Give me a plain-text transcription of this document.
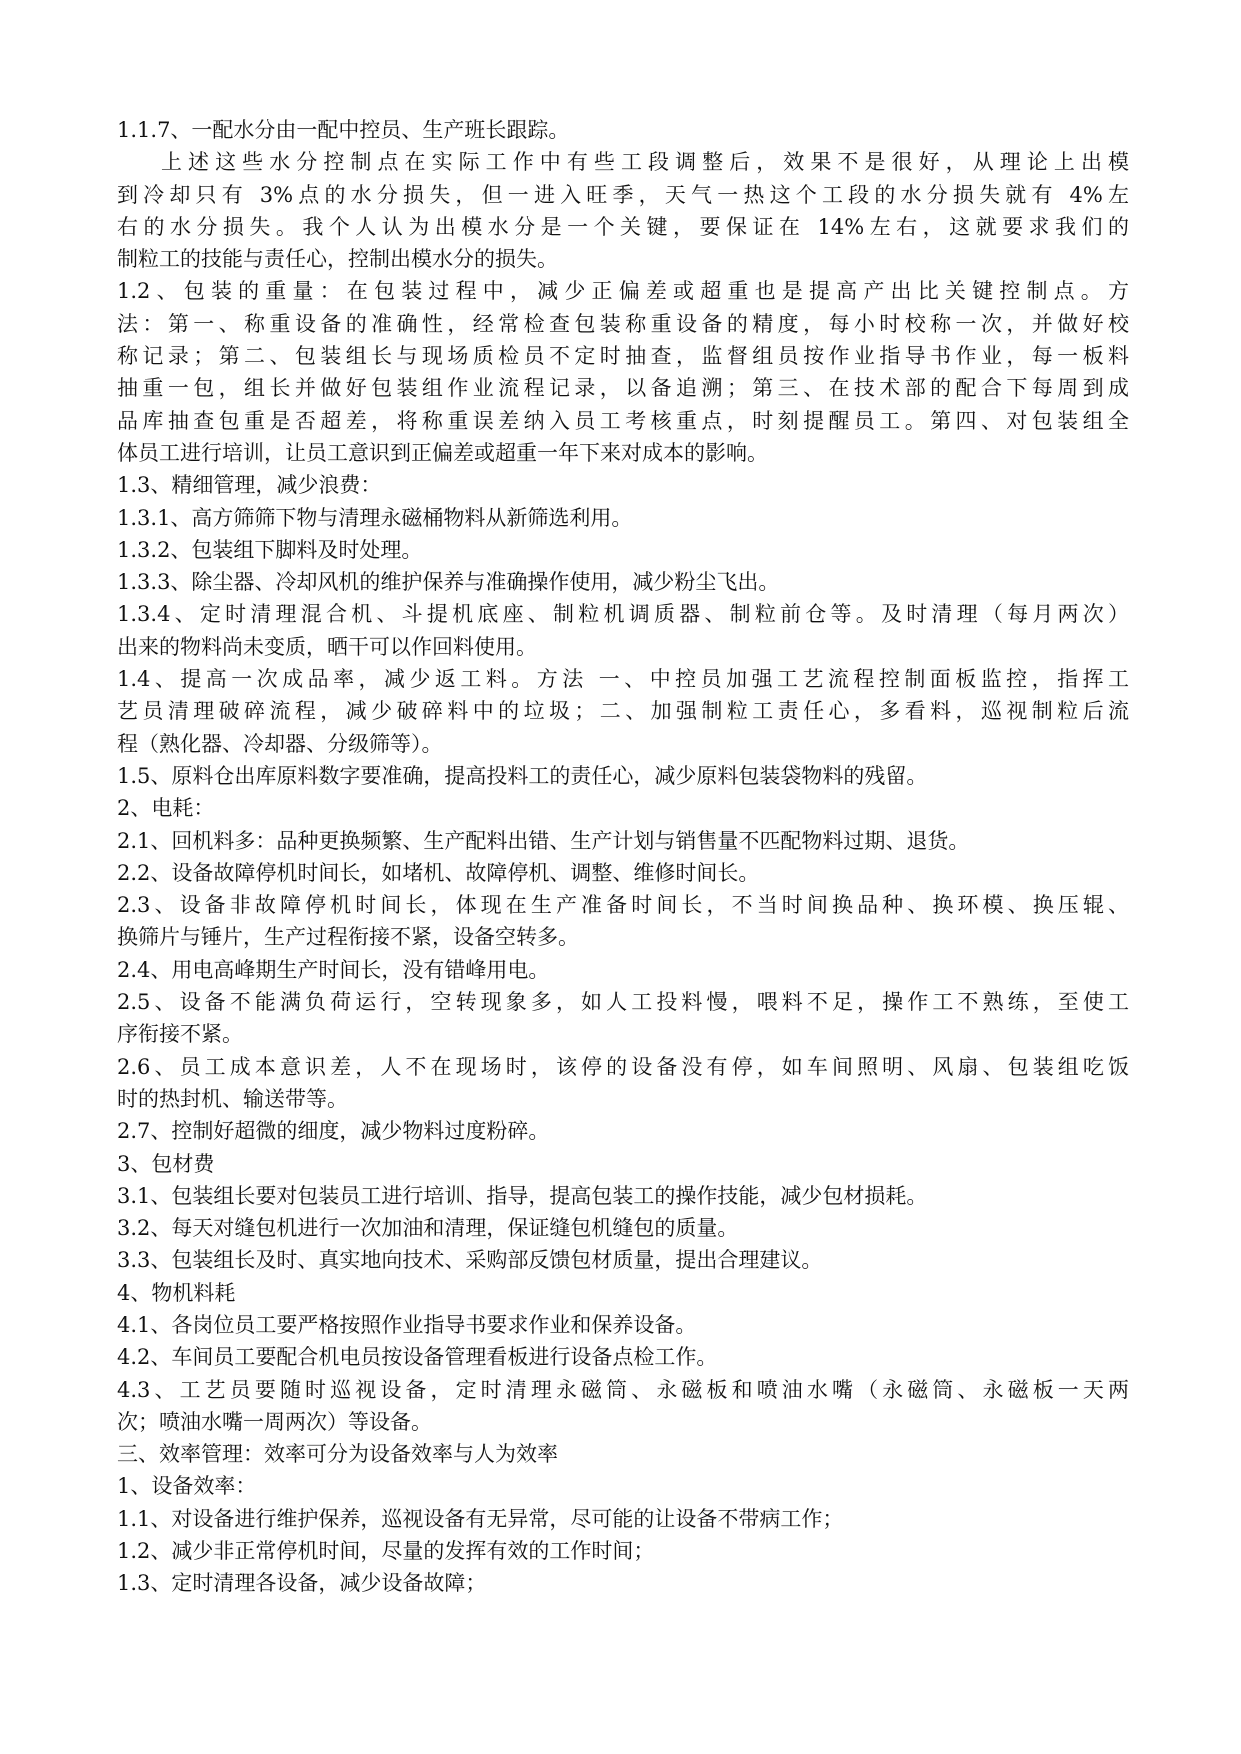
1.1.7、一配水分由一配中控员、生产班长跟踪。
上述这些水分控制点在实际工作中有些工段调整后，效果不是很好，从理论上出模
到冷却只有 3%点的水分损失，但一进入旺季，天气一热这个工段的水分损失就有 4%左
右的水分损失。我个人认为出模水分是一个关键，要保证在 14%左右，这就要求我们的
制粒工的技能与责任心，控制出模水分的损失。
1.2、包装的重量：在包装过程中，减少正偏差或超重也是提高产出比关键控制点。方
法：第一、称重设备的准确性，经常检查包装称重设备的精度，每小时校称一次，并做好校
称记录；第二、包装组长与现场质检员不定时抽查，监督组员按作业指导书作业，每一板料
抽重一包，组长并做好包装组作业流程记录，以备追溯；第三、在技术部的配合下每周到成
品库抽查包重是否超差，将称重误差纳入员工考核重点，时刻提醒员工。第四、对包装组全
体员工进行培训，让员工意识到正偏差或超重一年下来对成本的影响。
1.3、精细管理，减少浪费：
1.3.1、高方筛筛下物与清理永磁桶物料从新筛选利用。
1.3.2、包装组下脚料及时处理。
1.3.3、除尘器、冷却风机的维护保养与准确操作使用，减少粉尘飞出。
1.3.4、定时清理混合机、斗提机底座、制粒机调质器、制粒前仓等。及时清理（每月两次）
出来的物料尚未变质，晒干可以作回料使用。
1.4、提高一次成品率，减少返工料。方法 一、中控员加强工艺流程控制面板监控，指挥工
艺员清理破碎流程，减少破碎料中的垃圾；二、加强制粒工责任心，多看料，巡视制粒后流
程（熟化器、冷却器、分级筛等）。
1.5、原料仓出库原料数字要准确，提高投料工的责任心，减少原料包装袋物料的残留。
2、电耗：
2.1、回机料多：品种更换频繁、生产配料出错、生产计划与销售量不匹配物料过期、退货。
2.2、设备故障停机时间长，如堵机、故障停机、调整、维修时间长。
2.3、设备非故障停机时间长，体现在生产准备时间长，不当时间换品种、换环模、换压辊、
换筛片与锤片，生产过程衔接不紧，设备空转多。
2.4、用电高峰期生产时间长，没有错峰用电。
2.5、设备不能满负荷运行，空转现象多，如人工投料慢，喂料不足，操作工不熟练，至使工
序衔接不紧。
2.6、员工成本意识差，人不在现场时，该停的设备没有停，如车间照明、风扇、包装组吃饭
时的热封机、输送带等。
2.7、控制好超微的细度，减少物料过度粉碎。
3、包材费
3.1、包装组长要对包装员工进行培训、指导，提高包装工的操作技能，减少包材损耗。
3.2、每天对缝包机进行一次加油和清理，保证缝包机缝包的质量。
3.3、包装组长及时、真实地向技术、采购部反馈包材质量，提出合理建议。
4、物机料耗
4.1、各岗位员工要严格按照作业指导书要求作业和保养设备。
4.2、车间员工要配合机电员按设备管理看板进行设备点检工作。
4.3、工艺员要随时巡视设备，定时清理永磁筒、永磁板和喷油水嘴（永磁筒、永磁板一天两
次；喷油水嘴一周两次）等设备。
三、效率管理：效率可分为设备效率与人为效率
1、设备效率：
1.1、对设备进行维护保养，巡视设备有无异常，尽可能的让设备不带病工作；
1.2、减少非正常停机时间，尽量的发挥有效的工作时间；
1.3、定时清理各设备，减少设备故障；
